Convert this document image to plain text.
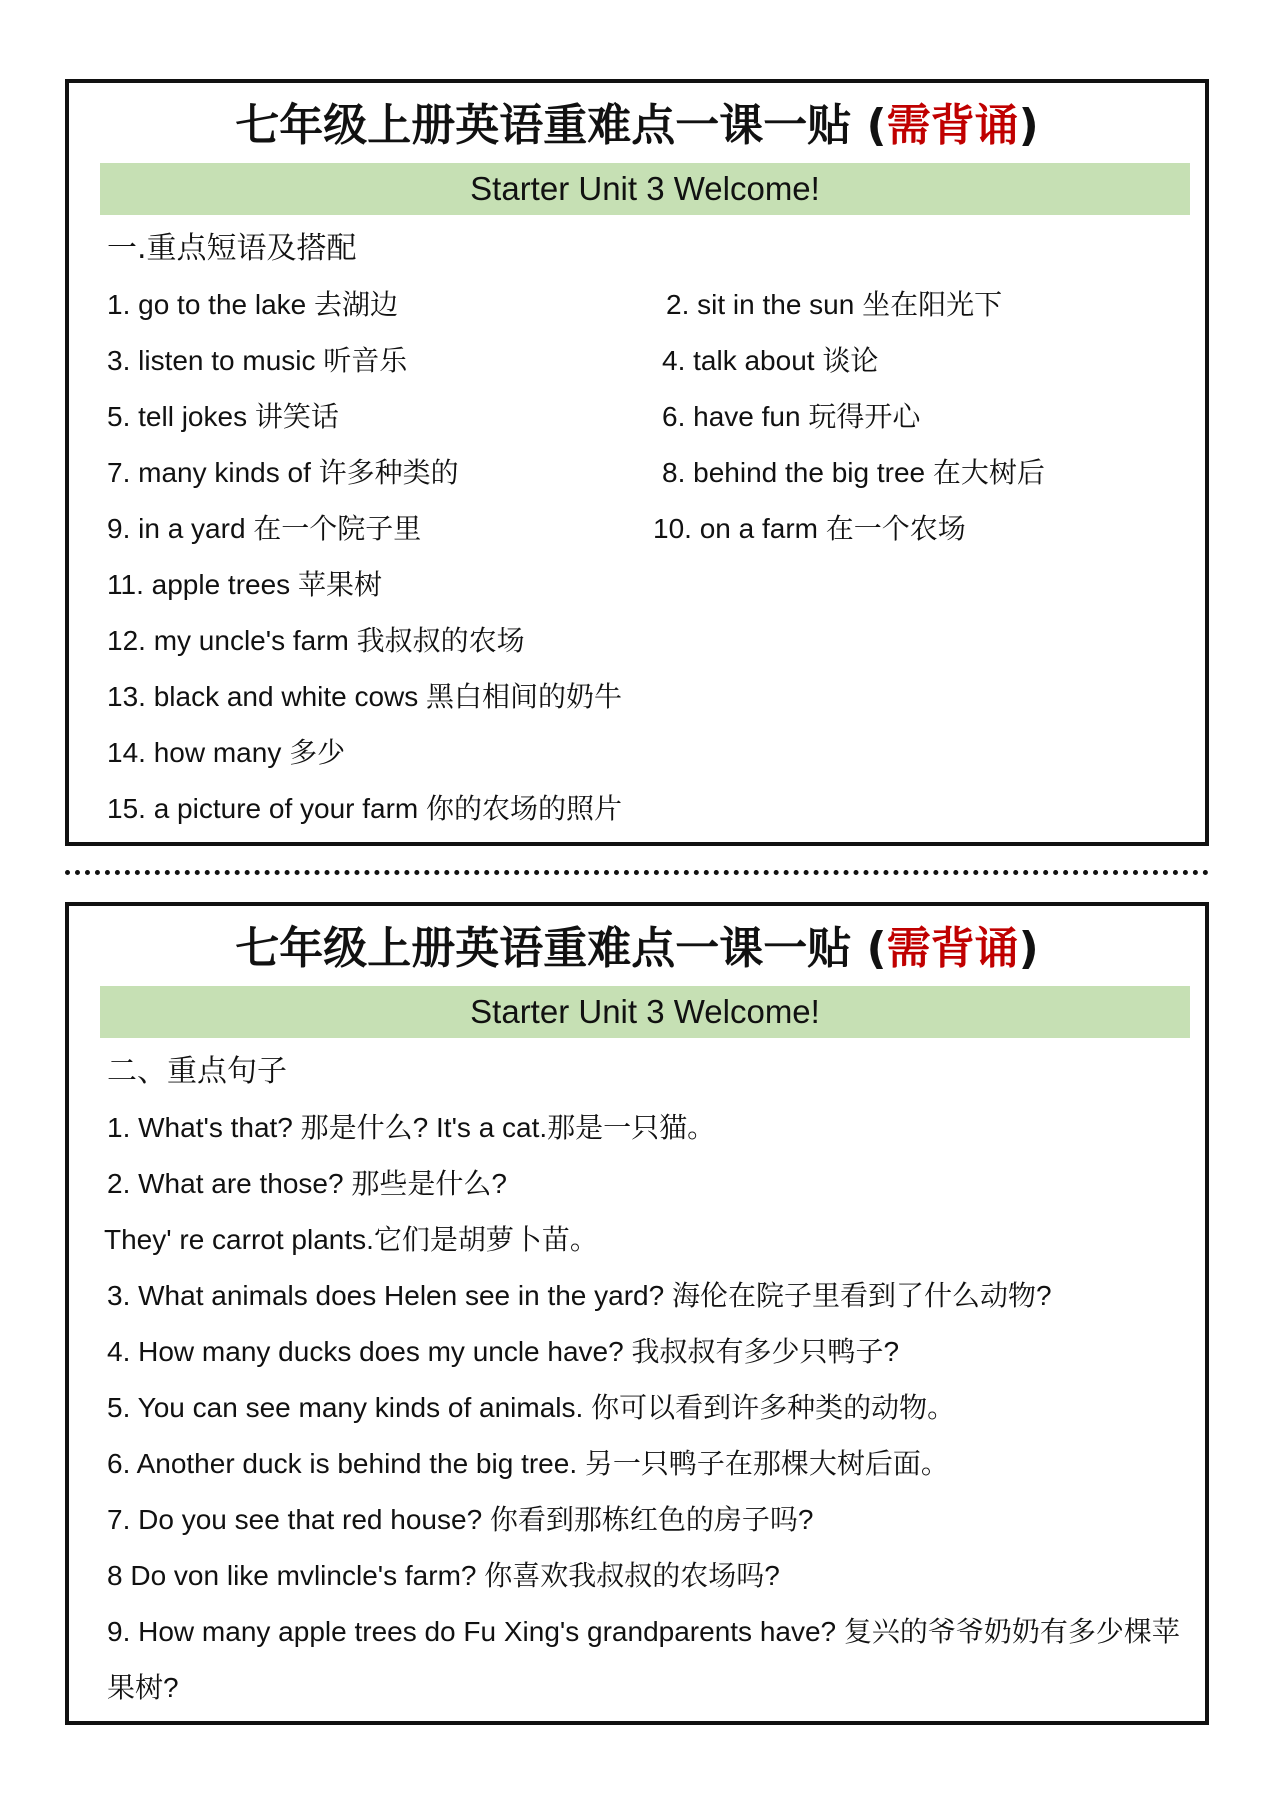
七年级上册英语重难点一课一贴 (需背诵)
Starter Unit 3 Welcome!
一.重点短语及搭配
1. go to the lake 去湖边	2. sit in the sun 坐在阳光下
3. listen to music 听音乐	4. talk about 谈论
5. tell jokes 讲笑话	6. have fun 玩得开心
7. many kinds of 许多种类的	8. behind the big tree 在大树后
9. in a yard 在一个院子里	10. on a farm 在一个农场
11. apple trees 苹果树
12. my uncle's farm 我叔叔的农场
13. black and white cows 黑白相间的奶牛
14. how many 多少
15. a picture of your farm 你的农场的照片
七年级上册英语重难点一课一贴 (需背诵)
Starter Unit 3 Welcome!
二、重点句子
1. What's that? 那是什么? It's a cat.那是一只猫。
2. What are those? 那些是什么?
They' re carrot plants.它们是胡萝卜苗。
3. What animals does Helen see in the yard? 海伦在院子里看到了什么动物?
4. How many ducks does my uncle have? 我叔叔有多少只鸭子?
5. You can see many kinds of animals. 你可以看到许多种类的动物。
6. Another duck is behind the big tree. 另一只鸭子在那棵大树后面。
7. Do you see that red house? 你看到那栋红色的房子吗?
8 Do von like mvlincle's farm? 你喜欢我叔叔的农场吗?
9. How many apple trees do Fu Xing's grandparents have? 复兴的爷爷奶奶有多少棵苹果树?
